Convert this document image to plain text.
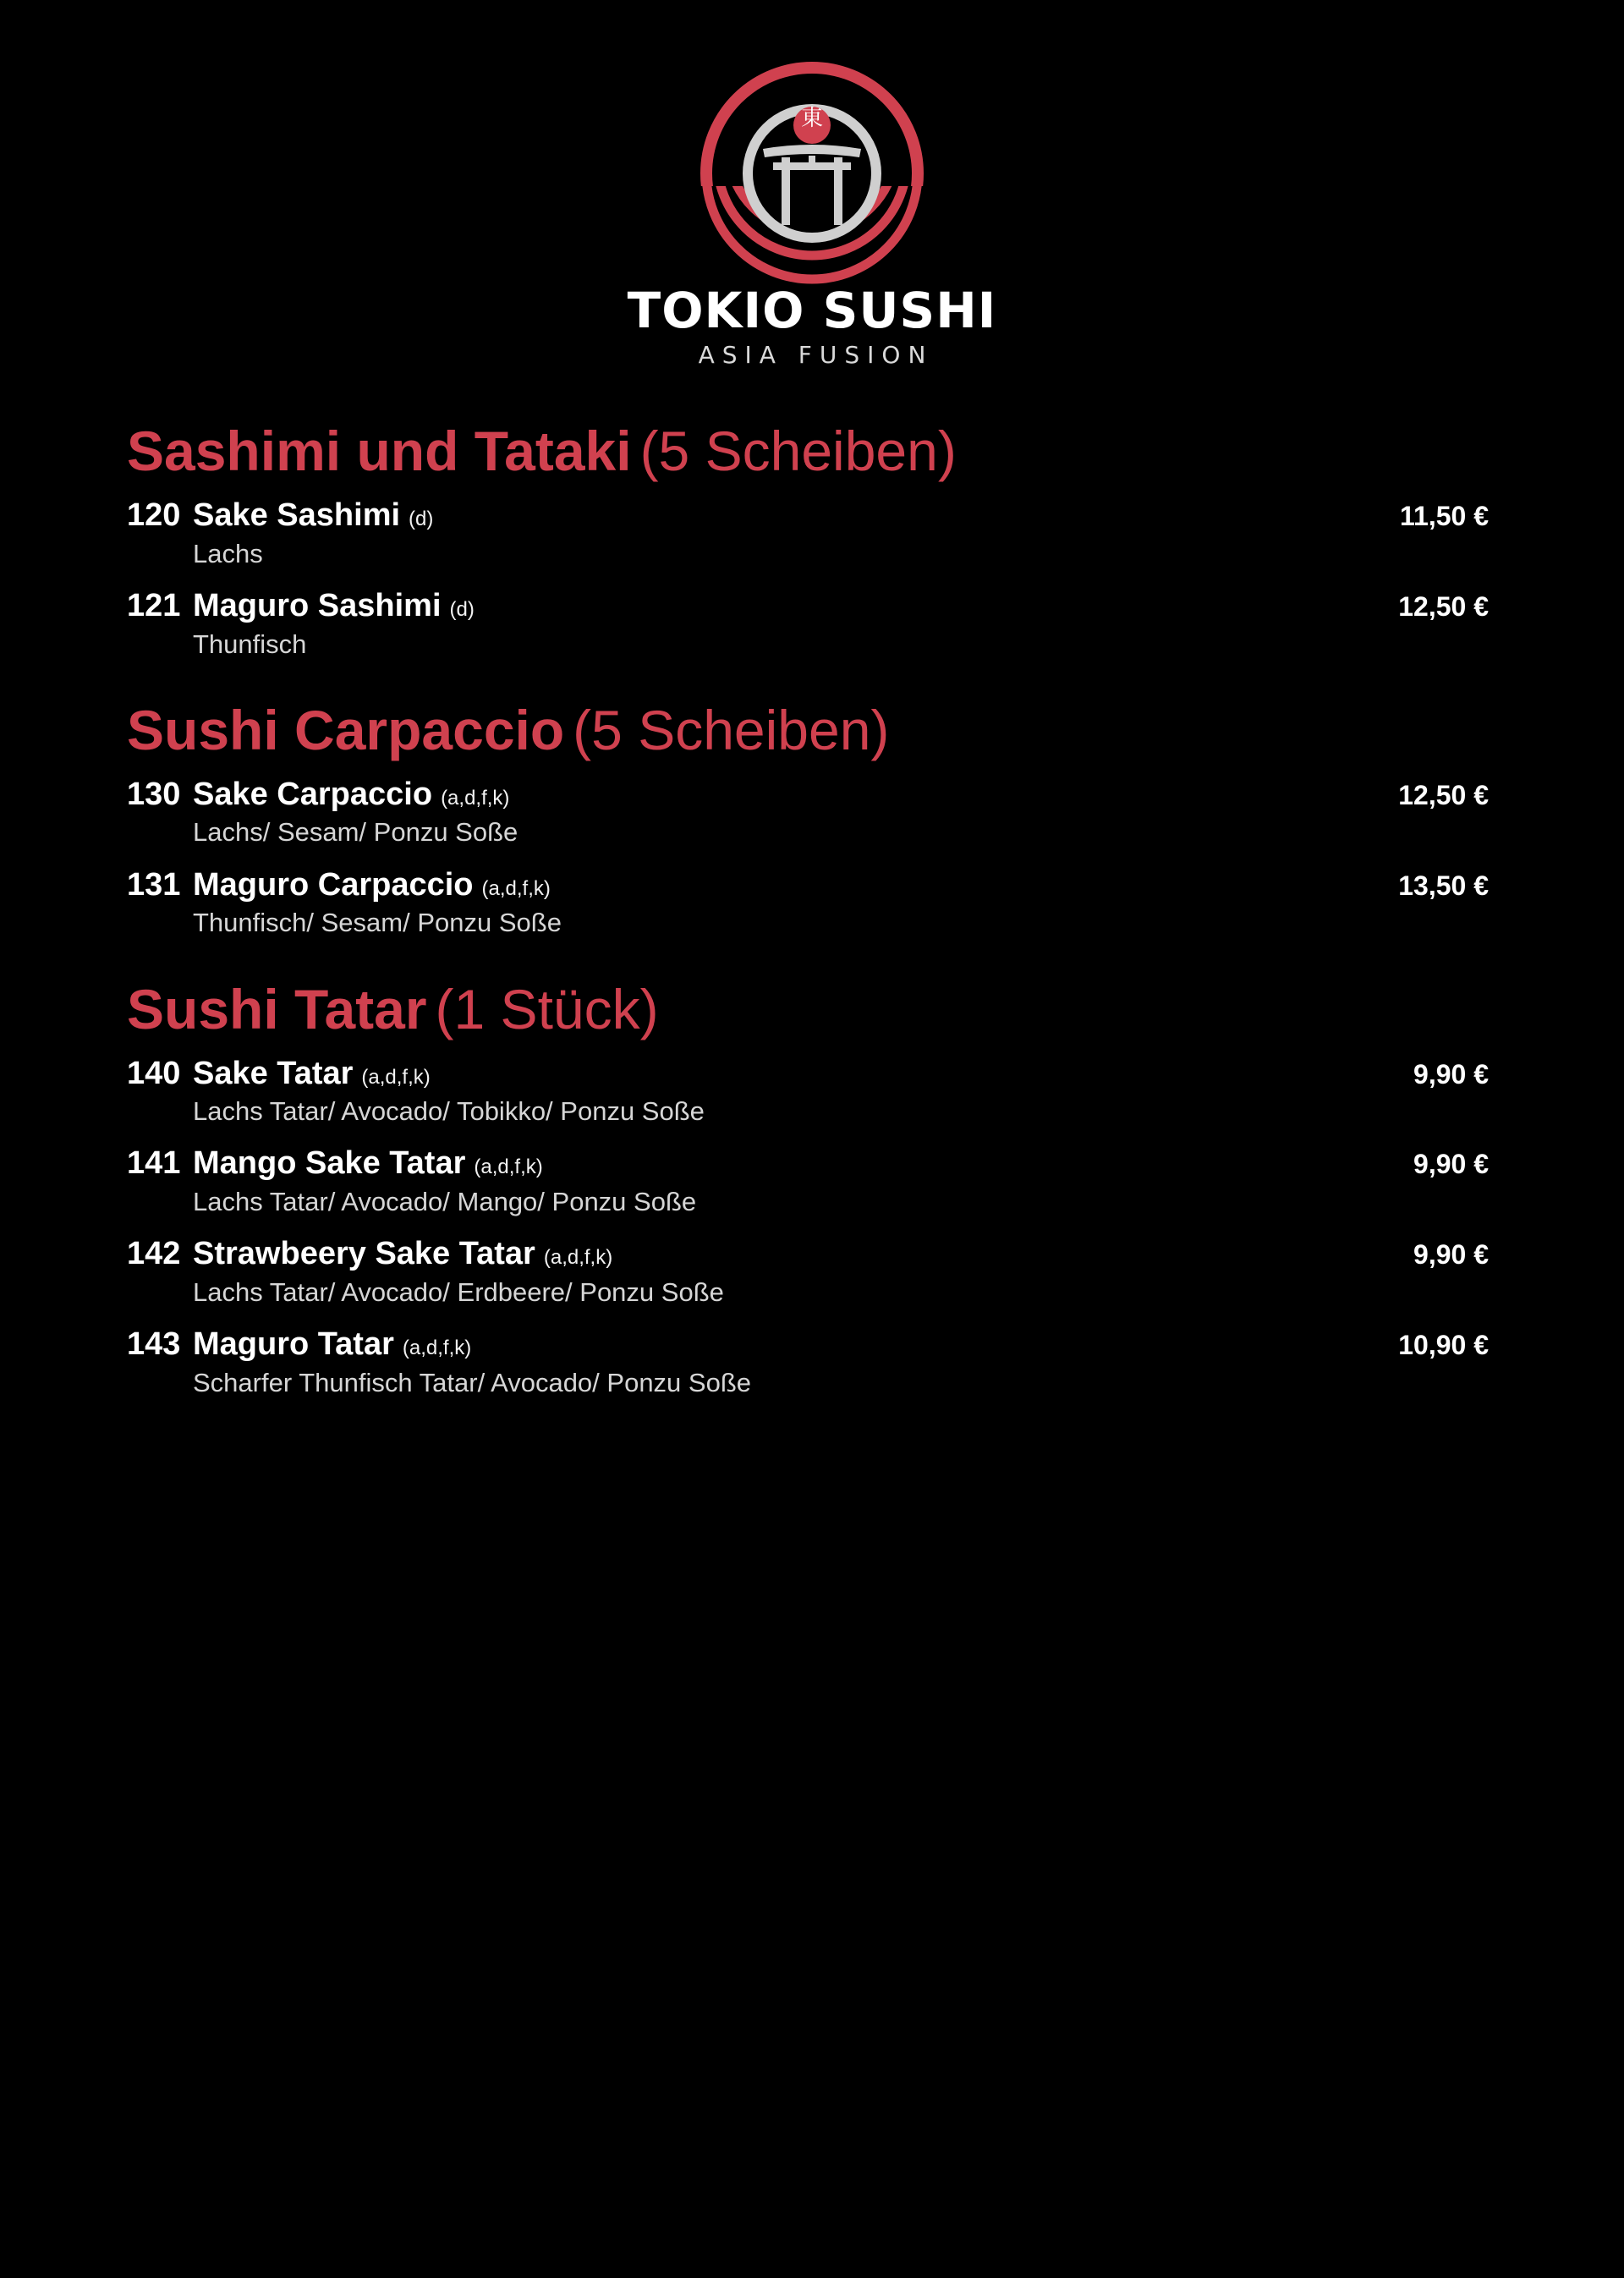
東
TOKIO SUSHI
ASIA FUSION
Sashimi und Tataki (5 Scheiben)
120 Sake Sashimi (d)	11,50 €
Lachs
121 Maguro Sashimi (d)	12,50 €
Thunfisch
Sushi Carpaccio (5 Scheiben)
130 Sake Carpaccio (a,d,f,k)	12,50 €
Lachs/ Sesam/ Ponzu Soße
131 Maguro Carpaccio (a,d,f,k)	13,50 €
Thunfisch/ Sesam/ Ponzu Soße
Sushi Tatar (1 Stück)
140 Sake Tatar (a,d,f,k)	9,90 €
Lachs Tatar/ Avocado/ Tobikko/ Ponzu Soße
141 Mango Sake Tatar (a,d,f,k)	9,90 €
Lachs Tatar/ Avocado/ Mango/ Ponzu Soße
142 Strawbeery Sake Tatar (a,d,f,k)	9,90 €
Lachs Tatar/ Avocado/ Erdbeere/ Ponzu Soße
143 Maguro Tatar (a,d,f,k)	10,90 €
Scharfer Thunfisch Tatar/ Avocado/ Ponzu Soße
